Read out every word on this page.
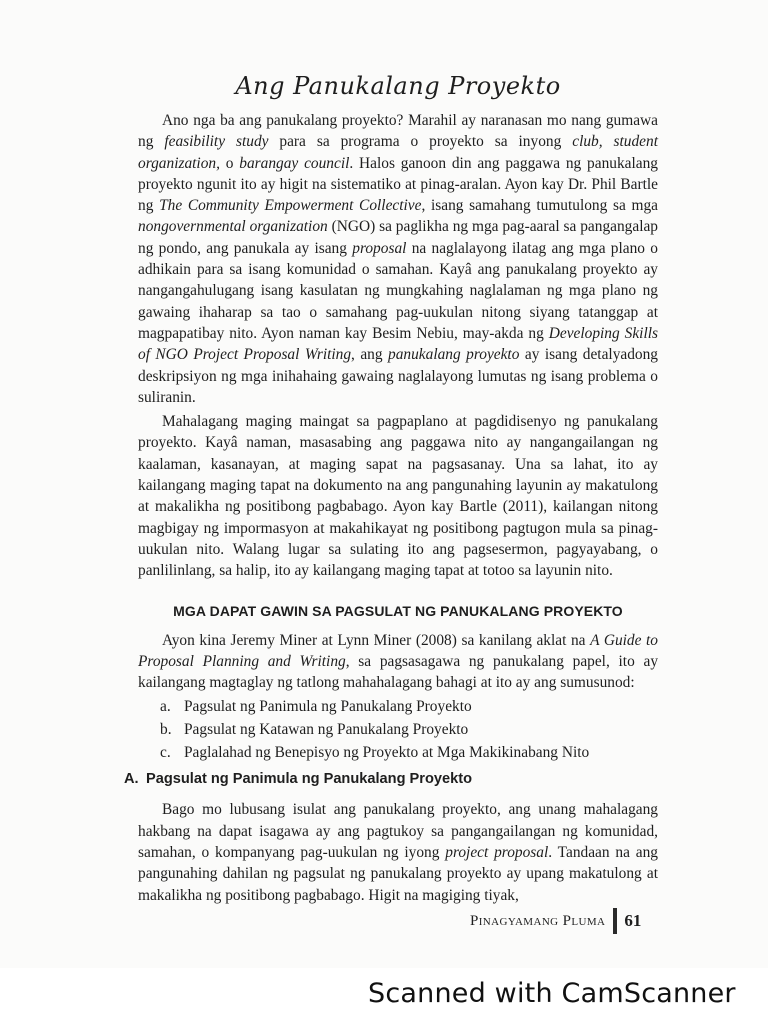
Ang Panukalang Proyekto

Ano nga ba ang panukalang proyekto? Marahil ay naranasan mo nang gumawa ng feasibility study para sa programa o proyekto sa inyong club, student organization, o barangay council. Halos ganoon din ang paggawa ng panukalang proyekto ngunit ito ay higit na sistematiko at pinag-aralan. Ayon kay Dr. Phil Bartle ng The Community Empowerment Collective, isang samahang tumutulong sa mga nongovernmental organization (NGO) sa paglikha ng mga pag-aaral sa pangangalap ng pondo, ang panukala ay isang proposal na naglalayong ilatag ang mga plano o adhikain para sa isang komunidad o samahan. Kayâ ang panukalang proyekto ay nangangahulugang isang kasulatan ng mungkahing naglalaman ng mga plano ng gawaing ihaharap sa tao o samahang pag-uukulan nitong siyang tatanggap at magpapatibay nito. Ayon naman kay Besim Nebiu, may-akda ng Developing Skills of NGO Project Proposal Writing, ang panukalang proyekto ay isang detalyadong deskripsiyon ng mga inihahaing gawaing naglalayong lumutas ng isang problema o suliranin.

Mahalagang maging maingat sa pagpaplano at pagdidisenyo ng panukalang proyekto. Kayâ naman, masasabing ang paggawa nito ay nangangailangan ng kaalaman, kasanayan, at maging sapat na pagsasanay. Una sa lahat, ito ay kailangang maging tapat na dokumento na ang pangunahing layunin ay makatulong at makalikha ng positibong pagbabago. Ayon kay Bartle (2011), kailangan nitong magbigay ng impormasyon at makahikayat ng positibong pagtugon mula sa pinag-uukulan nito. Walang lugar sa sulating ito ang pagsesermon, pagyayabang, o panlilinlang, sa halip, ito ay kailangang maging tapat at totoo sa layunin nito.

MGA DAPAT GAWIN SA PAGSULAT NG PANUKALANG PROYEKTO

Ayon kina Jeremy Miner at Lynn Miner (2008) sa kanilang aklat na A Guide to Proposal Planning and Writing, sa pagsasagawa ng panukalang papel, ito ay kailangang magtaglay ng tatlong mahahalagang bahagi at ito ay ang sumusunod:

a. Pagsulat ng Panimula ng Panukalang Proyekto
b. Pagsulat ng Katawan ng Panukalang Proyekto
c. Paglalahad ng Benepisyo ng Proyekto at Mga Makikinabang Nito
A. Pagsulat ng Panimula ng Panukalang Proyekto

Bago mo lubusang isulat ang panukalang proyekto, ang unang mahalagang hakbang na dapat isagawa ay ang pagtukoy sa pangangailangan ng komunidad, samahan, o kompanyang pag-uukulan ng iyong project proposal. Tandaan na ang pangunahing dahilan ng pagsulat ng panukalang proyekto ay upang makatulong at makalikha ng positibong pagbabago. Higit na magiging tiyak,

Pinagyamang Pluma 61
Scanned with CamScanner
